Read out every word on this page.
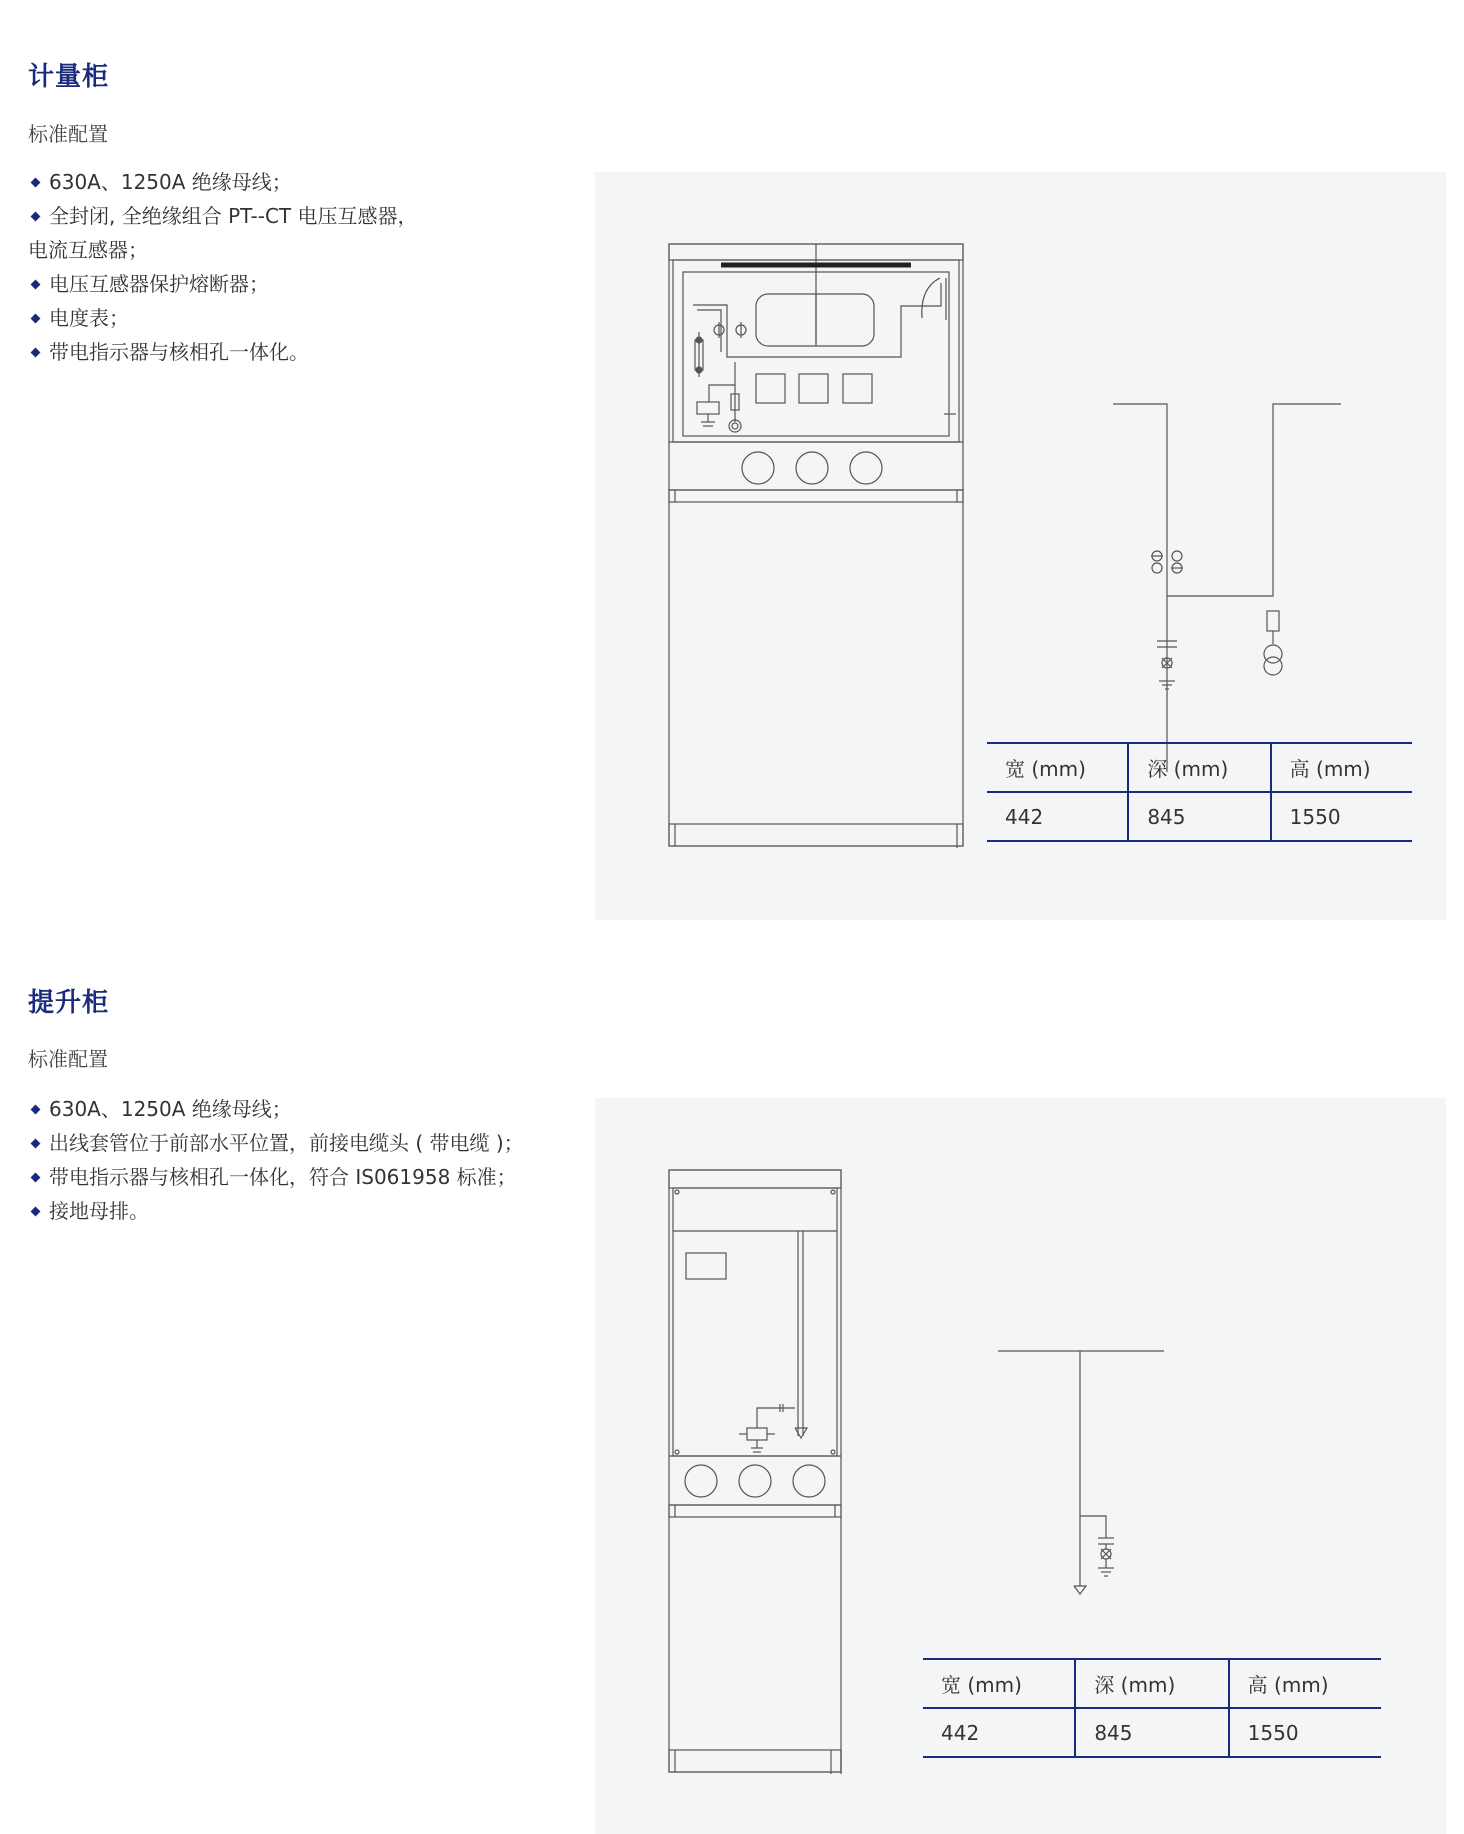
计量柜
标准配置
630A、1250A 绝缘母线；
全封闭, 全绝缘组合 PT--CT 电压互感器，
电流互感器；
电压互感器保护熔断器；
电度表；
带电指示器与核相孔一体化。
宽 (mm)	深 (mm)	高 (mm)
442	845	1550
提升柜
标准配置
630A、1250A 绝缘母线；
出线套管位于前部水平位置，前接电缆头 ( 带电缆 )；
带电指示器与核相孔一体化，符合 IS061958 标准；
接地母排。
宽 (mm)	深 (mm)	高 (mm)
442	845	1550
